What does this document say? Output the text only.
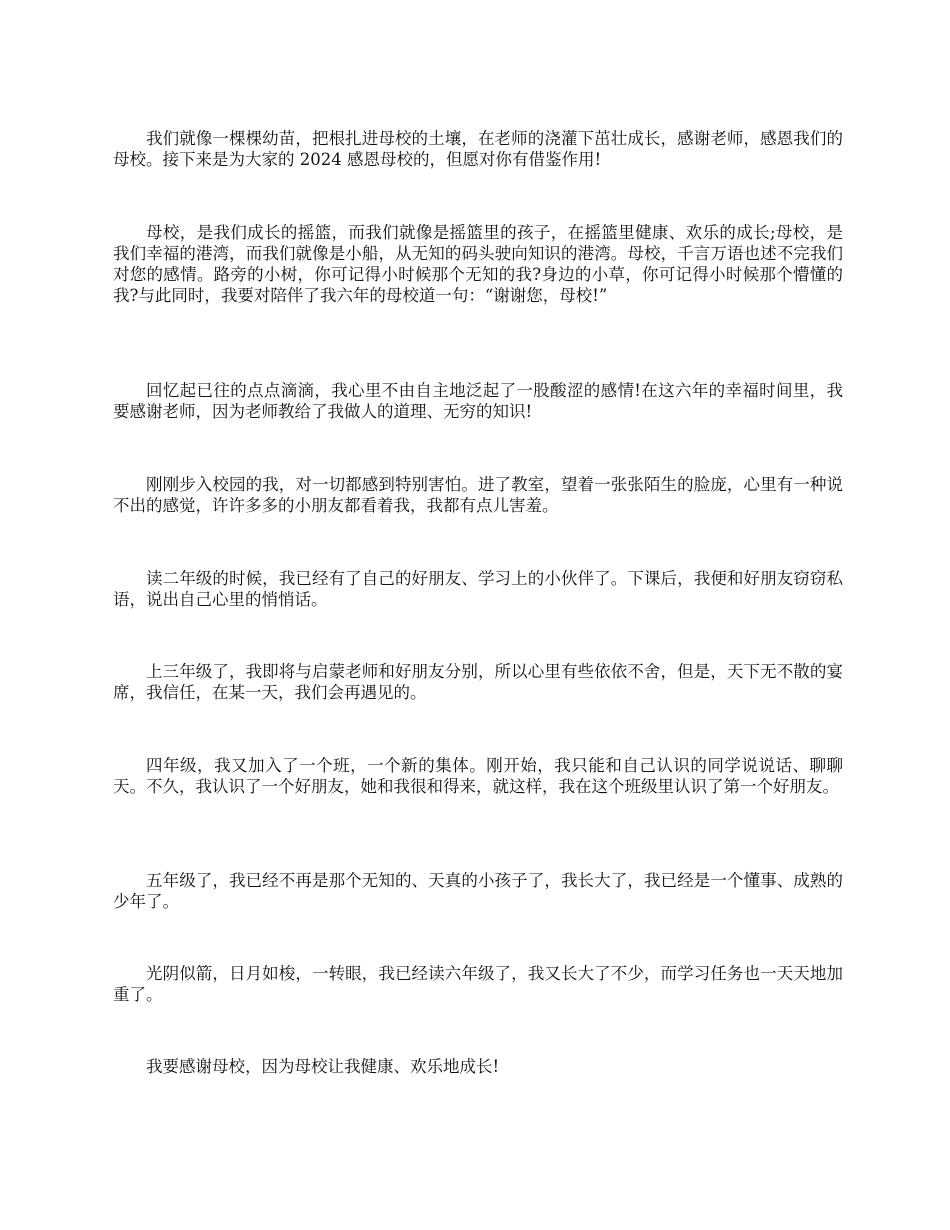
我们就像一棵棵幼苗，把根扎进母校的土壤，在老师的浇灌下茁壮成长，感谢老师，感恩我们的母校。接下来是为大家的 2024 感恩母校的，但愿对你有借鉴作用!

母校，是我们成长的摇篮，而我们就像是摇篮里的孩子，在摇篮里健康、欢乐的成长;母校，是我们幸福的港湾，而我们就像是小船，从无知的码头驶向知识的港湾。母校，千言万语也述不完我们对您的感情。路旁的小树，你可记得小时候那个无知的我?身边的小草，你可记得小时候那个懵懂的我?与此同时，我要对陪伴了我六年的母校道一句：“谢谢您，母校!”

回忆起已往的点点滴滴，我心里不由自主地泛起了一股酸涩的感情!在这六年的幸福时间里，我要感谢老师，因为老师教给了我做人的道理、无穷的知识!

刚刚步入校园的我，对一切都感到特别害怕。进了教室，望着一张张陌生的脸庞，心里有一种说不出的感觉，许许多多的小朋友都看着我，我都有点儿害羞。

读二年级的时候，我已经有了自己的好朋友、学习上的小伙伴了。下课后，我便和好朋友窃窃私语，说出自己心里的悄悄话。

上三年级了，我即将与启蒙老师和好朋友分别，所以心里有些依依不舍，但是，天下无不散的宴席，我信任，在某一天，我们会再遇见的。

四年级，我又加入了一个班，一个新的集体。刚开始，我只能和自己认识的同学说说话、聊聊天。不久，我认识了一个好朋友，她和我很和得来，就这样，我在这个班级里认识了第一个好朋友。

五年级了，我已经不再是那个无知的、天真的小孩子了，我长大了，我已经是一个懂事、成熟的少年了。

光阴似箭，日月如梭，一转眼，我已经读六年级了，我又长大了不少，而学习任务也一天天地加重了。

我要感谢母校，因为母校让我健康、欢乐地成长!
